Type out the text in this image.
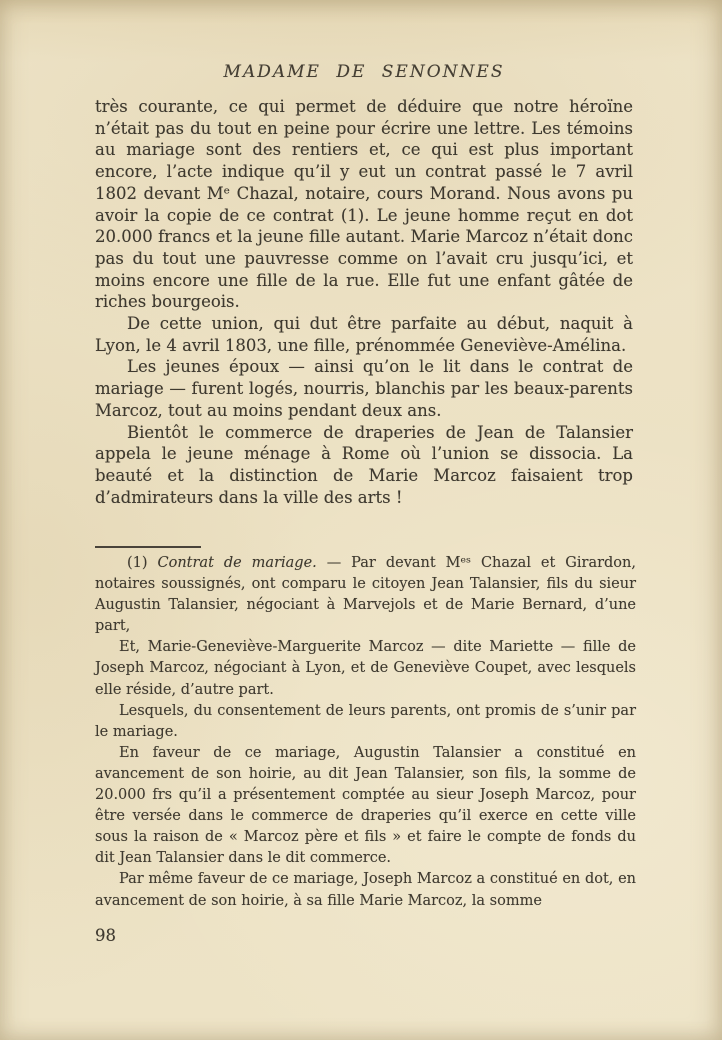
MADAME DE SENONNES

très courante, ce qui permet de déduire que notre héroïne n’était pas du tout en peine pour écrire une lettre. Les témoins au mariage sont des rentiers et, ce qui est plus important encore, l’acte indique qu’il y eut un contrat passé le 7 avril 1802 devant Mᵉ Chazal, notaire, cours Morand. Nous avons pu avoir la copie de ce contrat (1). Le jeune homme reçut en dot 20.000 francs et la jeune fille autant. Marie Marcoz n’était donc pas du tout une pauvresse comme on l’avait cru jusqu’ici, et moins encore une fille de la rue. Elle fut une enfant gâtée de riches bourgeois.

De cette union, qui dut être parfaite au début, naquit à Lyon, le 4 avril 1803, une fille, prénommée Geneviève-Amélina.

Les jeunes époux — ainsi qu’on le lit dans le contrat de mariage — furent logés, nourris, blanchis par les beaux-parents Marcoz, tout au moins pendant deux ans.

Bientôt le commerce de draperies de Jean de Talansier appela le jeune ménage à Rome où l’union se dissocia. La beauté et la distinction de Marie Marcoz faisaient trop d’admirateurs dans la ville des arts !

(1) Contrat de mariage. — Par devant Mᵉˢ Chazal et Girardon, notaires soussignés, ont comparu le citoyen Jean Talansier, fils du sieur Augustin Talansier, négociant à Marvejols et de Marie Bernard, d’une part,

Et, Marie-Geneviève-Marguerite Marcoz — dite Mariette — fille de Joseph Marcoz, négociant à Lyon, et de Geneviève Coupet, avec lesquels elle réside, d’autre part.

Lesquels, du consentement de leurs parents, ont promis de s’unir par le mariage.

En faveur de ce mariage, Augustin Talansier a constitué en avancement de son hoirie, au dit Jean Talansier, son fils, la somme de 20.000 frs qu’il a présentement comptée au sieur Joseph Marcoz, pour être versée dans le commerce de draperies qu’il exerce en cette ville sous la raison de « Marcoz père et fils » et faire le compte de fonds du dit Jean Talansier dans le dit commerce.

Par même faveur de ce mariage, Joseph Marcoz a constitué en dot, en avancement de son hoirie, à sa fille Marie Marcoz, la somme

98
